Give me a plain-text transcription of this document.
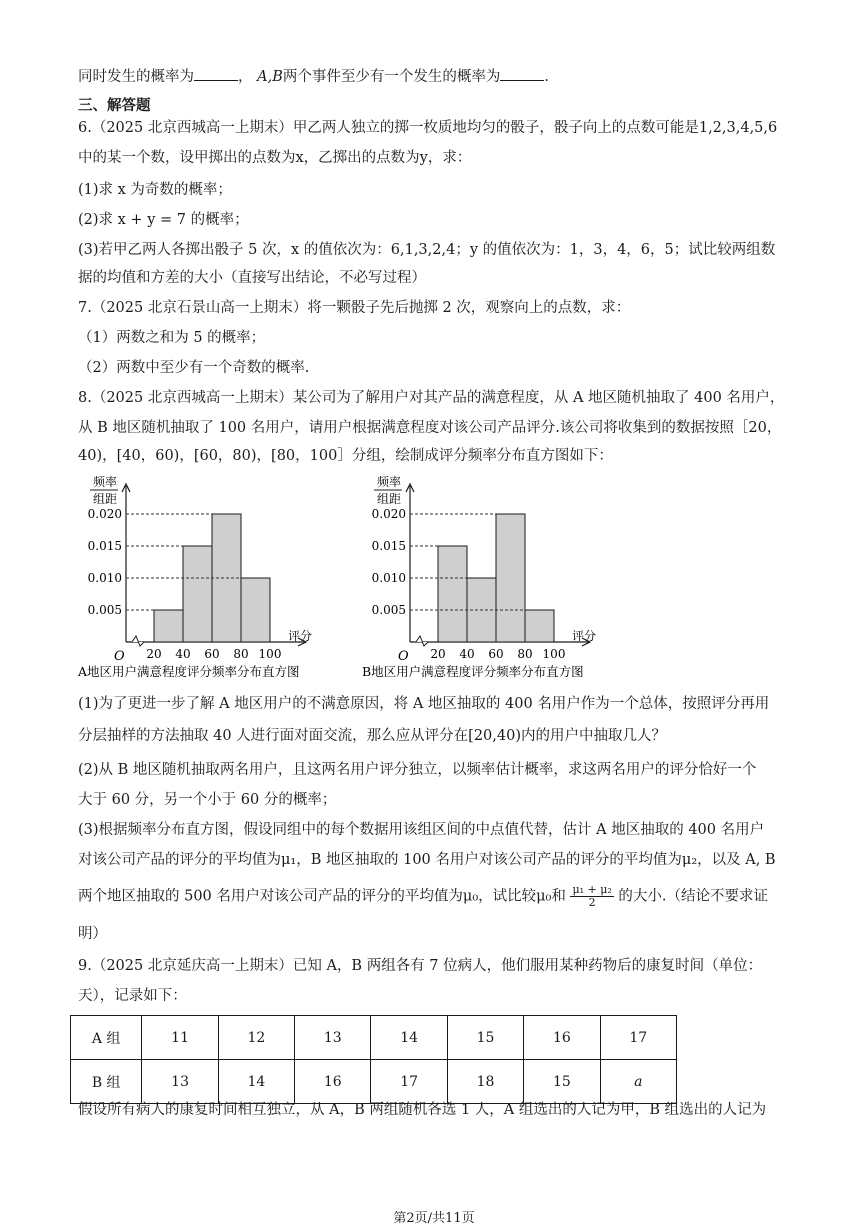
同时发生的概率为	， A,B两个事件至少有一个发生的概率为	.
三、解答题
6.（2025 北京西城高一上期末）甲乙两人独立的掷一枚质地均匀的骰子，骰子向上的点数可能是1,2,3,4,5,6
中的某一个数，设甲掷出的点数为x，乙掷出的点数为y，求：
(1)求 x 为奇数的概率；
(2)求 x + y = 7 的概率；
(3)若甲乙两人各掷出骰子 5 次，x 的值依次为：6,1,3,2,4；y 的值依次为：1，3，4，6，5；试比较两组数
据的均值和方差的大小（直接写出结论，不必写过程）
7.（2025 北京石景山高一上期末）将一颗骰子先后抛掷 2 次，观察向上的点数，求：
（1）两数之和为 5 的概率；
（2）两数中至少有一个奇数的概率.
8.（2025 北京西城高一上期末）某公司为了解用户对其产品的满意程度，从 A 地区随机抽取了 400 名用户，
从 B 地区随机抽取了 100 名用户，请用户根据满意程度对该公司产品评分.该公司将收集到的数据按照［20，
40)，[40，60)，[60，80)，[80，100］分组，绘制成评分频率分布直方图如下：
频率
组距
0.005
0.010
0.015
0.020
20 40 60 80 100
O
评分
A地区用户满意程度评分频率分布直方图
频率
组距
0.005
0.010
0.015
0.020
20 40 60 80 100
O
评分
B地区用户满意程度评分频率分布直方图
(1)为了更进一步了解 A 地区用户的不满意原因，将 A 地区抽取的 400 名用户作为一个总体，按照评分再用
分层抽样的方法抽取 40 人进行面对面交流，那么应从评分在[20,40)内的用户中抽取几人？
(2)从 B 地区随机抽取两名用户，且这两名用户评分独立，以频率估计概率，求这两名用户的评分恰好一个
大于 60 分，另一个小于 60 分的概率；
(3)根据频率分布直方图，假设同组中的每个数据用该组区间的中点值代替，估计 A 地区抽取的 400 名用户
对该公司产品的评分的平均值为μ₁，B 地区抽取的 100 名用户对该公司产品的评分的平均值为μ₂，以及 A, B
两个地区抽取的 500 名用户对该公司产品的评分的平均值为μ₀，试比较μ₀和 $\frac{\text{μ₁ + μ₂}}{2}$ 的大小.（结论不要求证
明）
9.（2025 北京延庆高一上期末）已知 A，B 两组各有 7 位病人，他们服用某种药物后的康复时间（单位：
天），记录如下：
A 组	11	12	13	14	15	16	17
B 组	13	14	16	17	18	15	a
假设所有病人的康复时间相互独立，从 A，B 两组随机各选 1 人，A 组选出的人记为甲，B 组选出的人记为
第2页/共11页
